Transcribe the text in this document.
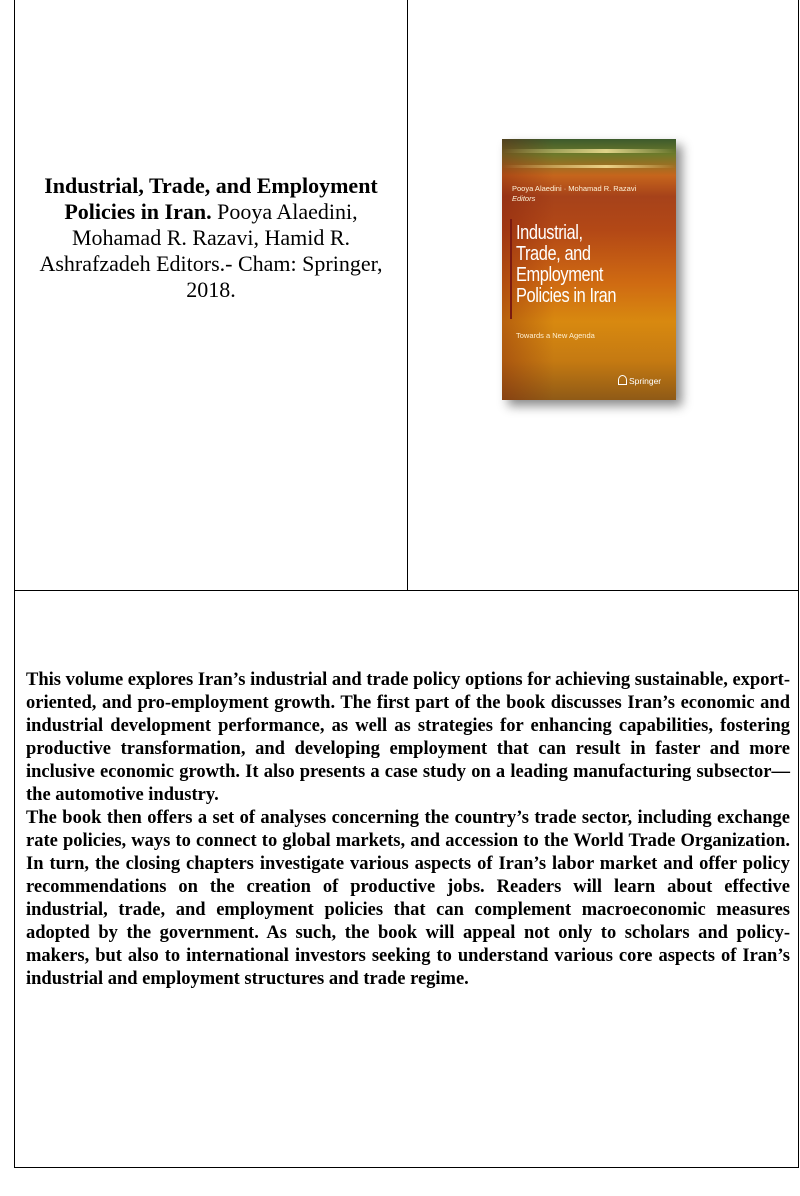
Industrial, Trade, and Employment Policies in Iran. Pooya Alaedini, Mohamad R. Razavi, Hamid R. Ashrafzadeh Editors.- Cham: Springer, 2018.
Pooya Alaedini · Mohamad R. Razavi
Editors
Industrial,
Trade, and
Employment
Policies in Iran
Towards a New Agenda
Springer

This volume explores Iran’s industrial and trade policy options for achieving sustainable, export-oriented, and pro-employment growth. The first part of the book discusses Iran’s economic and industrial development performance, as well as strategies for enhancing capabilities, fostering productive transformation, and developing employment that can result in faster and more inclusive economic growth. It also presents a case study on a leading manufacturing subsector—the automotive industry.

The book then offers a set of analyses concerning the country’s trade sector, including exchange rate policies, ways to connect to global markets, and accession to the World Trade Organization. In turn, the closing chapters investigate various aspects of Iran’s labor market and offer policy recommendations on the creation of productive jobs. Readers will learn about effective industrial, trade, and employment policies that can complement macroeconomic measures adopted by the government. As such, the book will appeal not only to scholars and policy-makers, but also to international investors seeking to understand various core aspects of Iran’s industrial and employment structures and trade regime.
